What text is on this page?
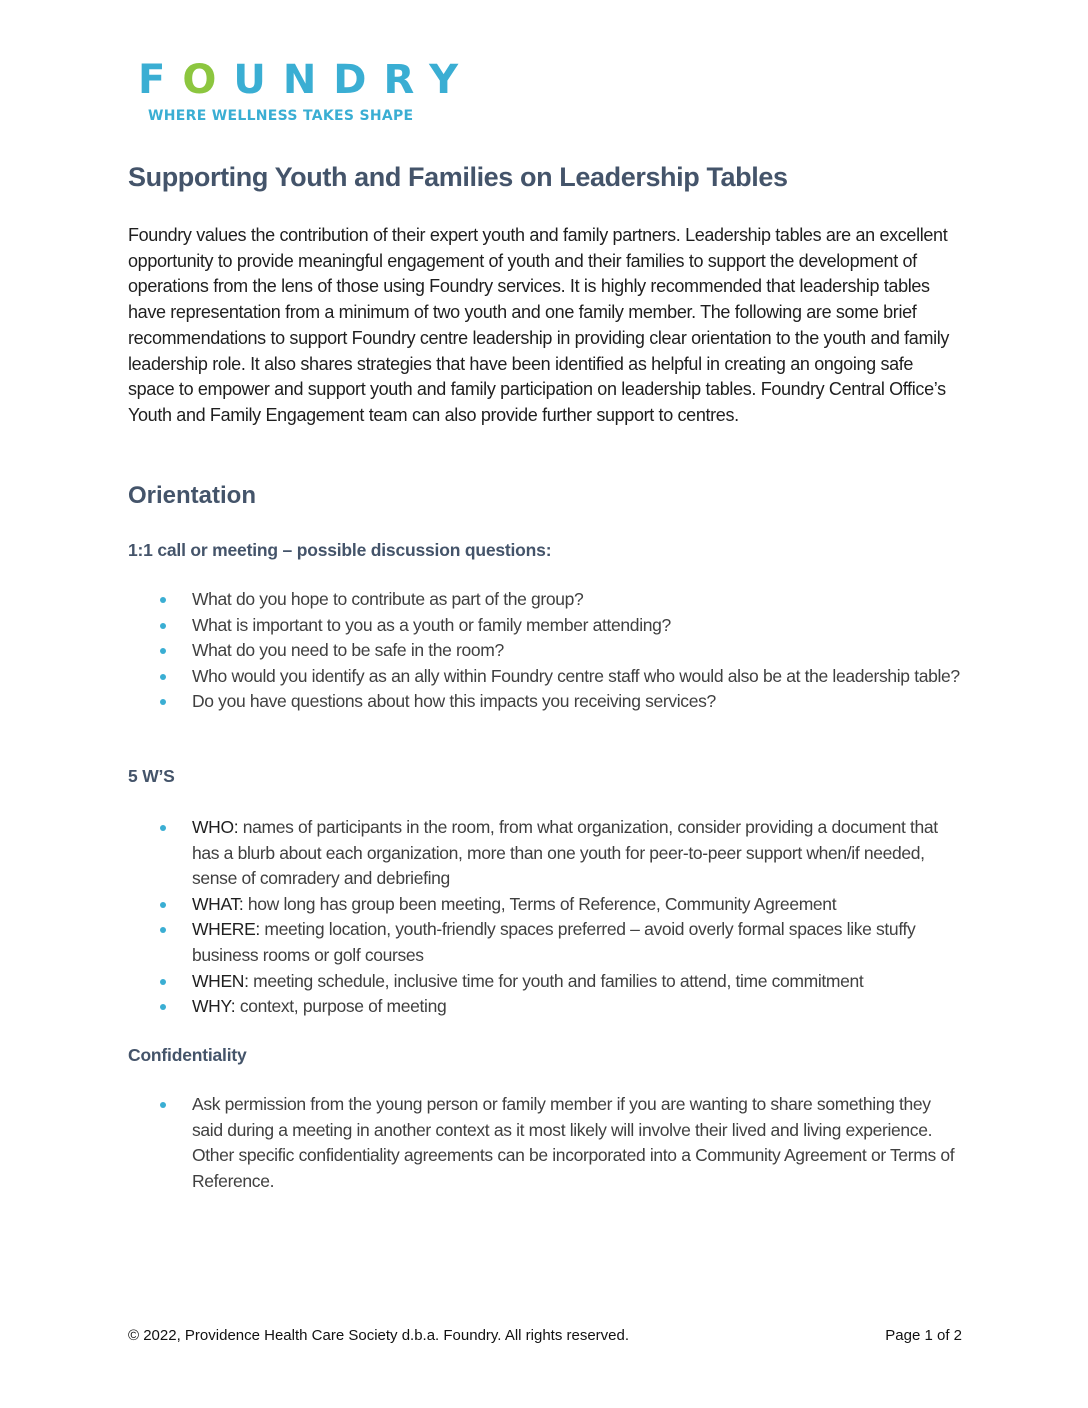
FOUNDRY
WHERE WELLNESS TAKES SHAPE
Supporting Youth and Families on Leadership Tables

Foundry values the contribution of their expert youth and family partners. Leadership tables are an excellent opportunity to provide meaningful engagement of youth and their families to support the development of operations from the lens of those using Foundry services. It is highly recommended that leadership tables have representation from a minimum of two youth and one family member. The following are some brief recommendations to support Foundry centre leadership in providing clear orientation to the youth and family leadership role. It also shares strategies that have been identified as helpful in creating an ongoing safe space to empower and support youth and family participation on leadership tables. Foundry Central Office’s Youth and Family Engagement team can also provide further support to centres.

Orientation
1:1 call or meeting – possible discussion questions:
What do you hope to contribute as part of the group?
What is important to you as a youth or family member attending?
What do you need to be safe in the room?
Who would you identify as an ally within Foundry centre staff who would also be at the leadership table?
Do you have questions about how this impacts you receiving services?
5 W’S
WHO: names of participants in the room, from what organization, consider providing a document that has a blurb about each organization, more than one youth for peer-to-peer support when/if needed, sense of comradery and debriefing
WHAT: how long has group been meeting, Terms of Reference, Community Agreement
WHERE: meeting location, youth-friendly spaces preferred – avoid overly formal spaces like stuffy business rooms or golf courses
WHEN: meeting schedule, inclusive time for youth and families to attend, time commitment
WHY: context, purpose of meeting
Confidentiality
Ask permission from the young person or family member if you are wanting to share something they said during a meeting in another context as it most likely will involve their lived and living experience. Other specific confidentiality agreements can be incorporated into a Community Agreement or Terms of Reference.
© 2022, Providence Health Care Society d.b.a. Foundry. All rights reserved.	Page 1 of 2
